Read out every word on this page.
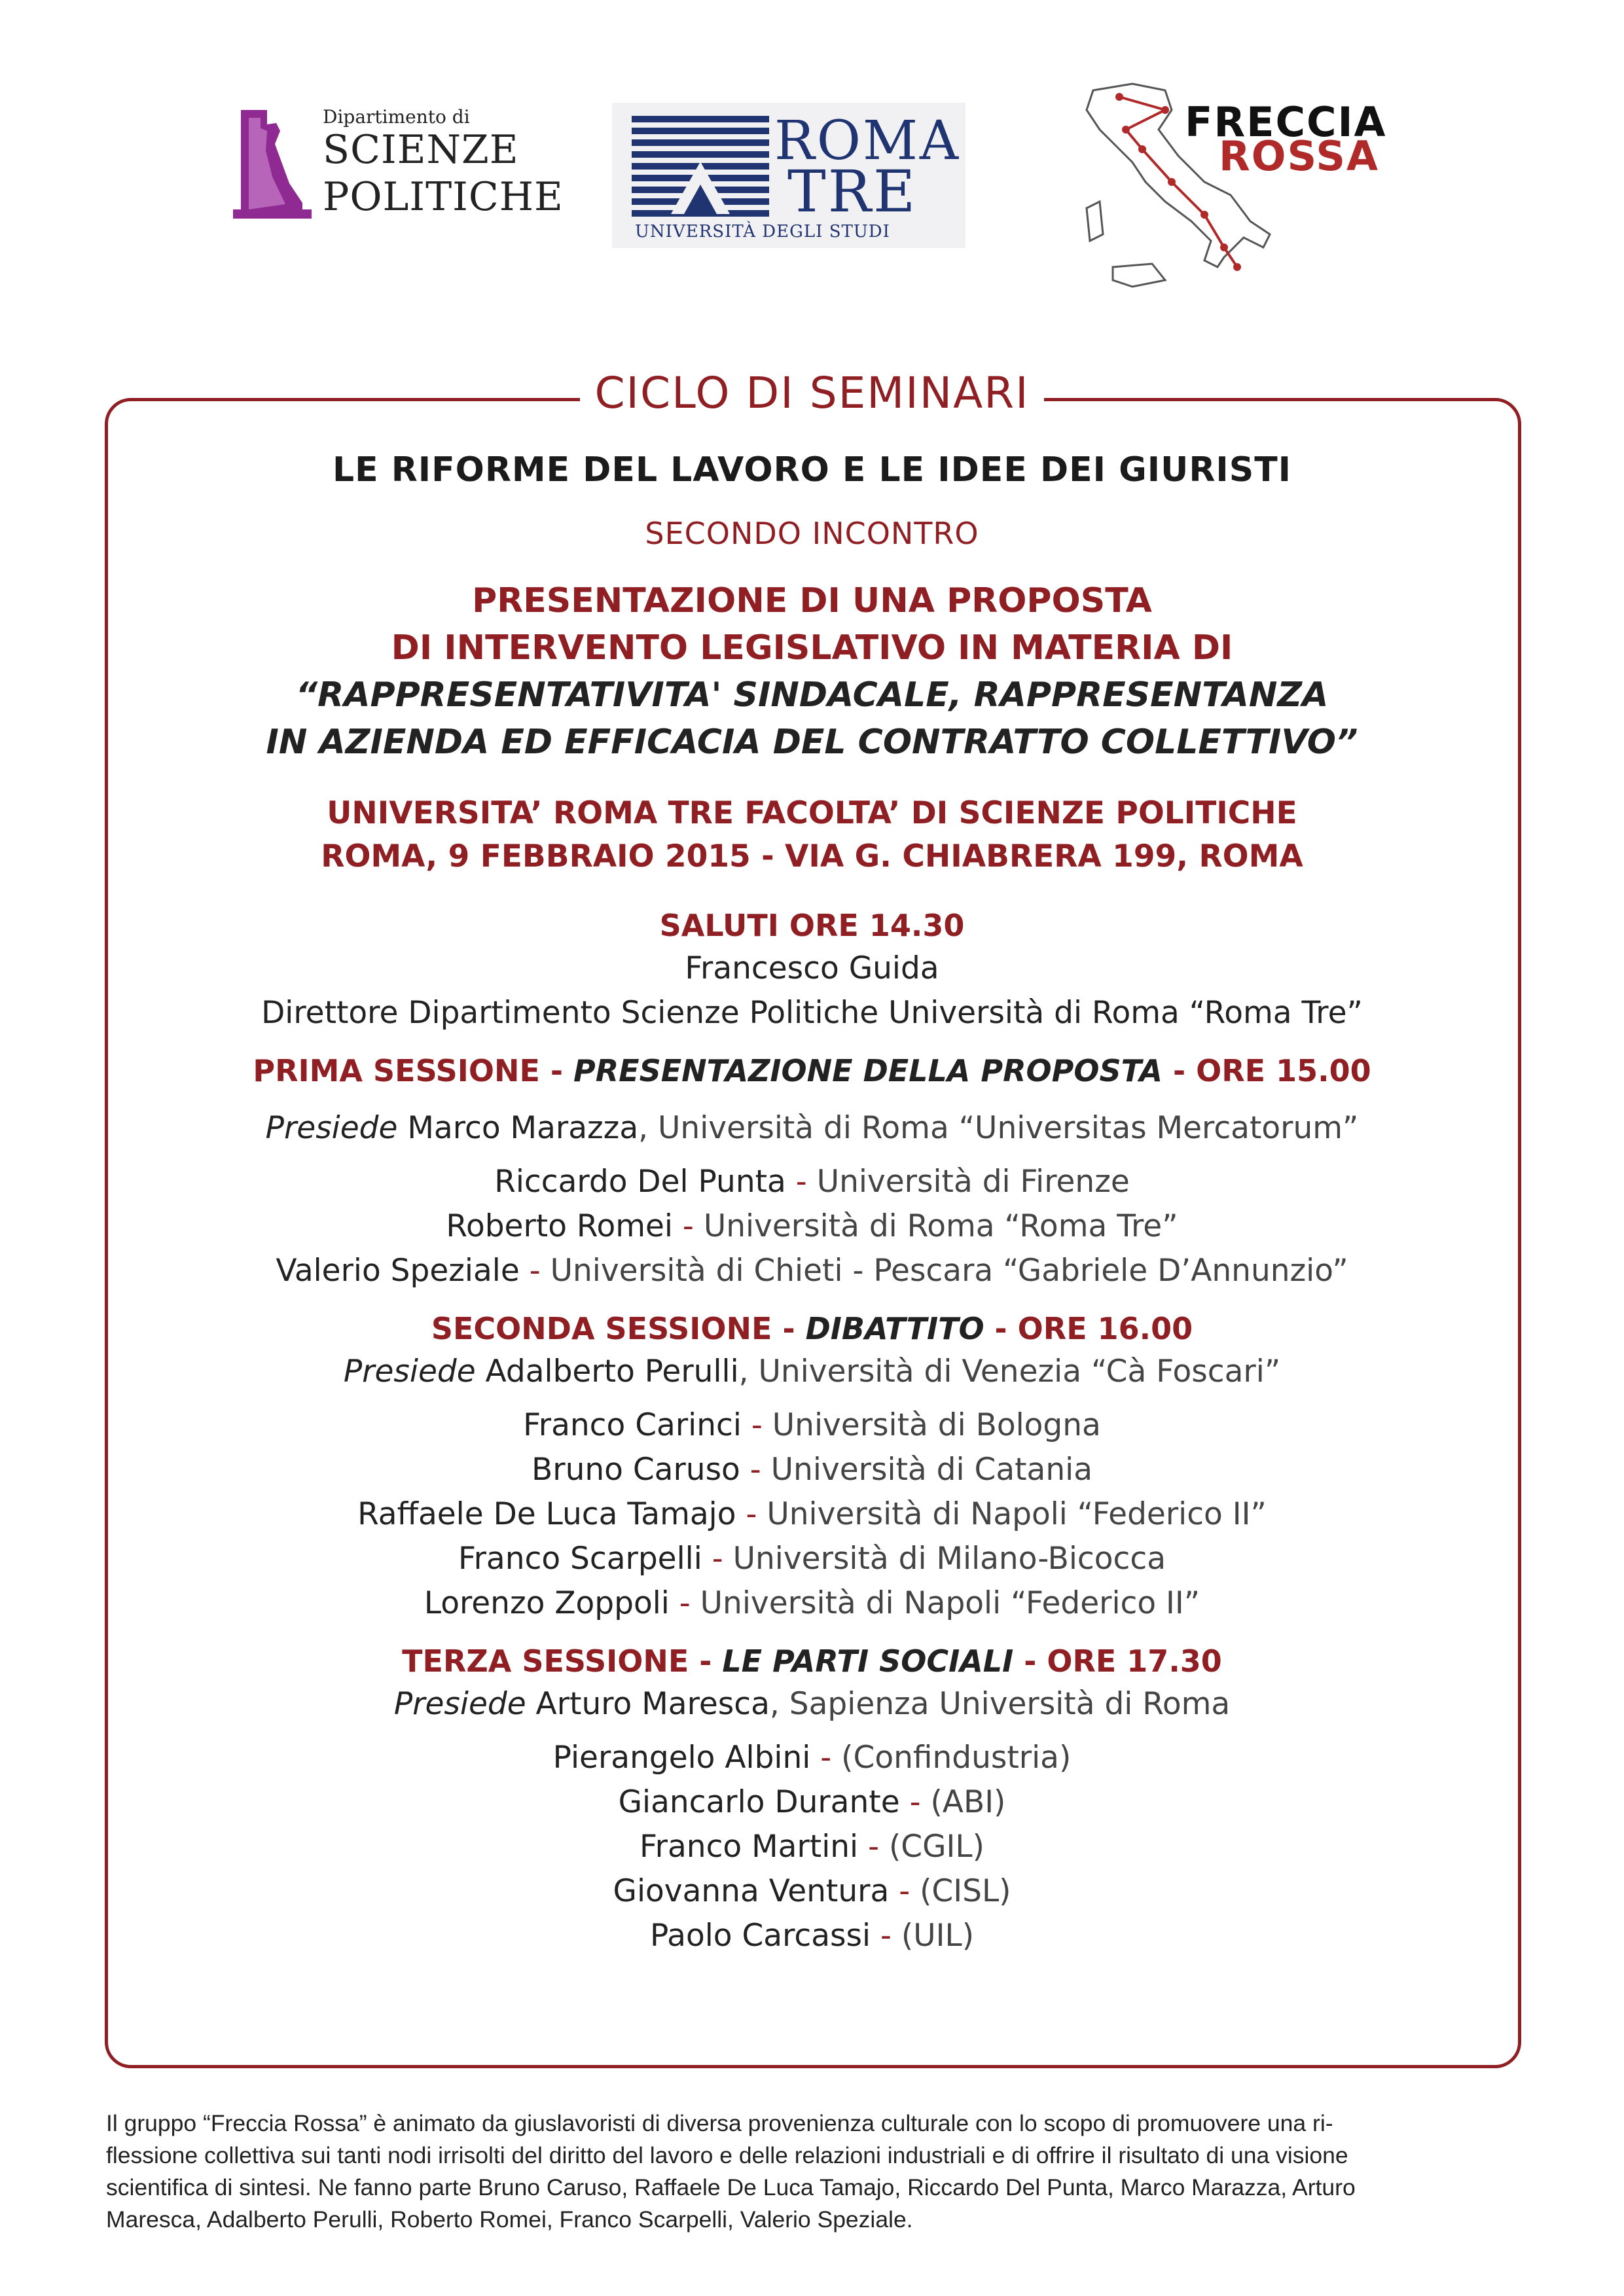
Dipartimento di
SCIENZE
POLITICHE
ROMA
TRE
UNIVERSITÀ DEGLI STUDI
FRECCIA
ROSSA
CICLO DI SEMINARI

LE RIFORME DEL LAVORO E LE IDEE DEI GIURISTI

SECONDO INCONTRO

PRESENTAZIONE DI UNA PROPOSTA

DI INTERVENTO LEGISLATIVO IN MATERIA DI

“RAPPRESENTATIVITA' SINDACALE, RAPPRESENTANZA

IN AZIENDA ED EFFICACIA DEL CONTRATTO COLLETTIVO”

UNIVERSITA’ ROMA TRE FACOLTA’ DI SCIENZE POLITICHE

ROMA, 9 FEBBRAIO 2015 - VIA G. CHIABRERA 199, ROMA

SALUTI ORE 14.30

Francesco Guida

Direttore Dipartimento Scienze Politiche Università di Roma “Roma Tre”

PRIMA SESSIONE - PRESENTAZIONE DELLA PROPOSTA - ORE 15.00

Presiede Marco Marazza, Università di Roma “Universitas Mercatorum”

Riccardo Del Punta - Università di Firenze

Roberto Romei - Università di Roma “Roma Tre”

Valerio Speziale - Università di Chieti - Pescara “Gabriele D’Annunzio”

SECONDA SESSIONE - DIBATTITO - ORE 16.00

Presiede Adalberto Perulli, Università di Venezia “Cà Foscari”

Franco Carinci - Università di Bologna

Bruno Caruso - Università di Catania

Raffaele De Luca Tamajo - Università di Napoli “Federico II”

Franco Scarpelli - Università di Milano-Bicocca

Lorenzo Zoppoli - Università di Napoli “Federico II”

TERZA SESSIONE - LE PARTI SOCIALI - ORE 17.30

Presiede Arturo Maresca, Sapienza Università di Roma

Pierangelo Albini - (Confindustria)

Giancarlo Durante - (ABI)

Franco Martini - (CGIL)

Giovanna Ventura - (CISL)

Paolo Carcassi - (UIL)

Il gruppo “Freccia Rossa” è animato da giuslavoristi di diversa provenienza culturale con lo scopo di promuovere una ri-
flessione collettiva sui tanti nodi irrisolti del diritto del lavoro e delle relazioni industriali e di offrire il risultato di una visione
scientifica di sintesi. Ne fanno parte Bruno Caruso, Raffaele De Luca Tamajo, Riccardo Del Punta, Marco Marazza, Arturo
Maresca, Adalberto Perulli, Roberto Romei, Franco Scarpelli, Valerio Speziale.
